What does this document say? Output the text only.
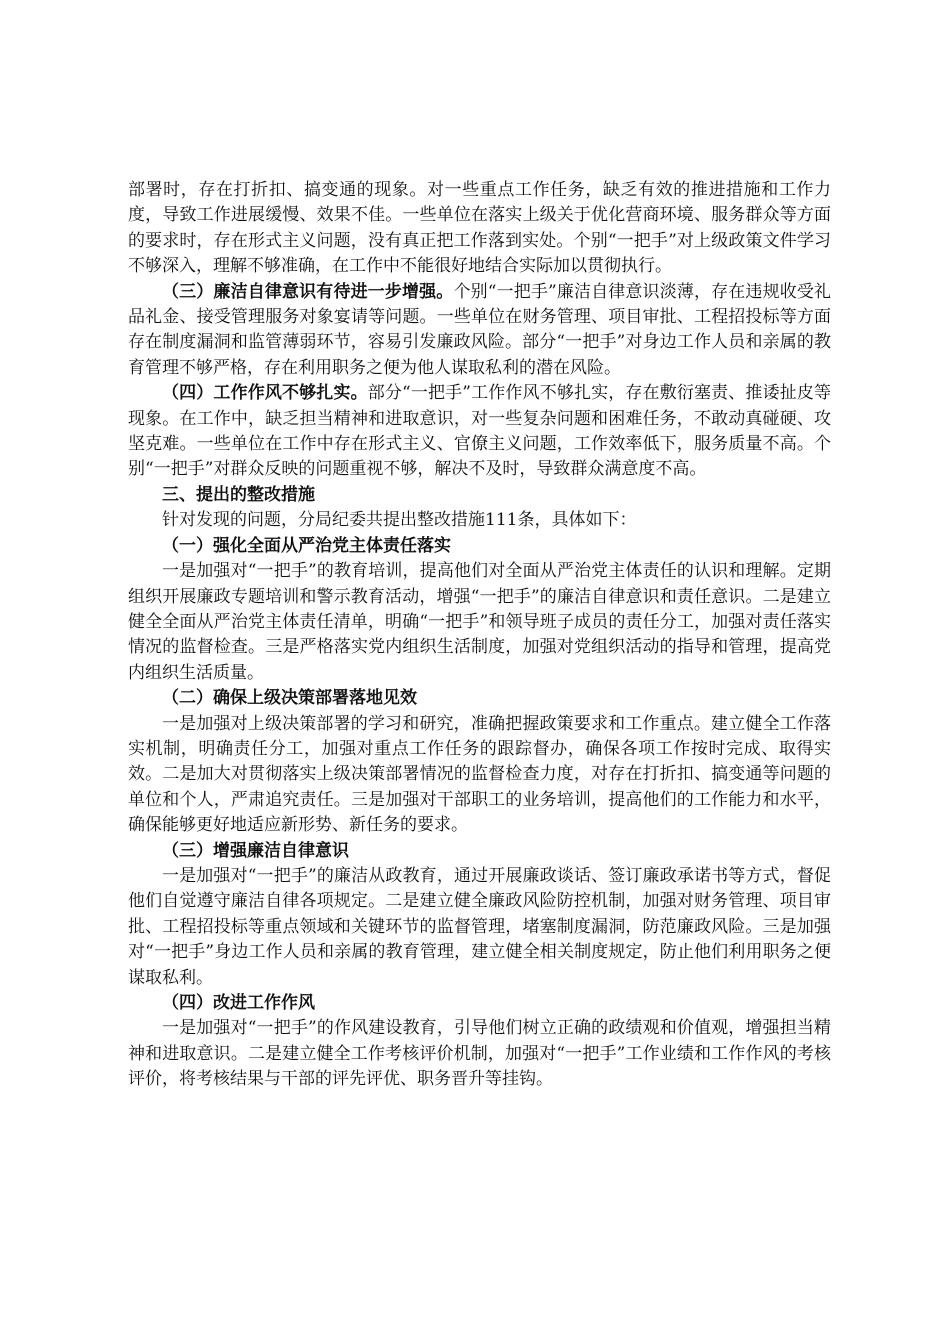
部署时，存在打折扣、搞变通的现象。对一些重点工作任务，缺乏有效的推进措施和工作力度，导致工作进展缓慢、效果不佳。一些单位在落实上级关于优化营商环境、服务群众等方面的要求时，存在形式主义问题，没有真正把工作落到实处。个别“一把手”对上级政策文件学习不够深入，理解不够准确，在工作中不能很好地结合实际加以贯彻执行。

（三）廉洁自律意识有待进一步增强。个别“一把手”廉洁自律意识淡薄，存在违规收受礼品礼金、接受管理服务对象宴请等问题。一些单位在财务管理、项目审批、工程招投标等方面存在制度漏洞和监管薄弱环节，容易引发廉政风险。部分“一把手”对身边工作人员和亲属的教育管理不够严格，存在利用职务之便为他人谋取私利的潜在风险。

（四）工作作风不够扎实。部分“一把手”工作作风不够扎实，存在敷衍塞责、推诿扯皮等现象。在工作中，缺乏担当精神和进取意识，对一些复杂问题和困难任务，不敢动真碰硬、攻坚克难。一些单位在工作中存在形式主义、官僚主义问题，工作效率低下，服务质量不高。个别“一把手”对群众反映的问题重视不够，解决不及时，导致群众满意度不高。

三、提出的整改措施

针对发现的问题，分局纪委共提出整改措施111条，具体如下：

（一）强化全面从严治党主体责任落实

一是加强对“一把手”的教育培训，提高他们对全面从严治党主体责任的认识和理解。定期组织开展廉政专题培训和警示教育活动，增强“一把手”的廉洁自律意识和责任意识。二是建立健全全面从严治党主体责任清单，明确“一把手”和领导班子成员的责任分工，加强对责任落实情况的监督检查。三是严格落实党内组织生活制度，加强对党组织活动的指导和管理，提高党内组织生活质量。

（二）确保上级决策部署落地见效

一是加强对上级决策部署的学习和研究，准确把握政策要求和工作重点。建立健全工作落实机制，明确责任分工，加强对重点工作任务的跟踪督办，确保各项工作按时完成、取得实效。二是加大对贯彻落实上级决策部署情况的监督检查力度，对存在打折扣、搞变通等问题的单位和个人，严肃追究责任。三是加强对干部职工的业务培训，提高他们的工作能力和水平，确保能够更好地适应新形势、新任务的要求。

（三）增强廉洁自律意识

一是加强对“一把手”的廉洁从政教育，通过开展廉政谈话、签订廉政承诺书等方式，督促他们自觉遵守廉洁自律各项规定。二是建立健全廉政风险防控机制，加强对财务管理、项目审批、工程招投标等重点领域和关键环节的监督管理，堵塞制度漏洞，防范廉政风险。三是加强对“一把手”身边工作人员和亲属的教育管理，建立健全相关制度规定，防止他们利用职务之便谋取私利。

（四）改进工作作风

一是加强对“一把手”的作风建设教育，引导他们树立正确的政绩观和价值观，增强担当精神和进取意识。二是建立健全工作考核评价机制，加强对“一把手”工作业绩和工作作风的考核评价，将考核结果与干部的评先评优、职务晋升等挂钩。
